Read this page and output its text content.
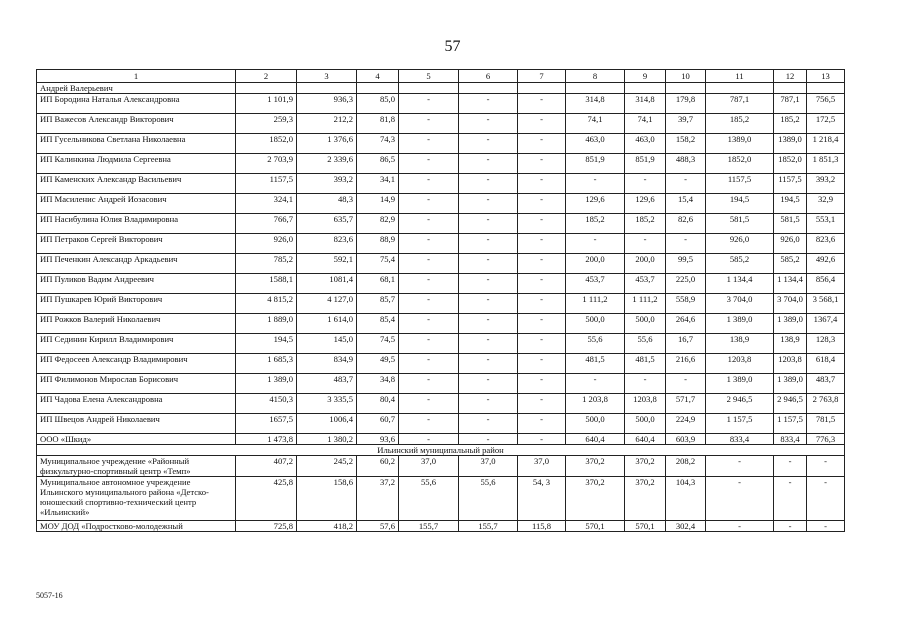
57
1	2	3	4	5	6	7	8	9	10	11	12	13
Андрей Валерьевич												
ИП Бородина Наталья Александровна	1 101,9	936,3	85,0	-	-	-	314,8	314,8	179,8	787,1	787,1	756,5
ИП Важесов Александр Викторович	259,3	212,2	81,8	-	-	-	74,1	74,1	39,7	185,2	185,2	172,5
ИП Гусельникова Светлана Николаевна	1852,0	1 376,6	74,3	-	-	-	463,0	463,0	158,2	1389,0	1389,0	1 218,4
ИП Калинкина Людмила Сергеевна	2 703,9	2 339,6	86,5	-	-	-	851,9	851,9	488,3	1852,0	1852,0	1 851,3
ИП Каменских Александр Васильевич	1157,5	393,2	34,1	-	-	-	-	-	-	1157,5	1157,5	393,2
ИП Масиленис Андрей Иозасович	324,1	48,3	14,9	-	-	-	129,6	129,6	15,4	194,5	194,5	32,9
ИП Насибулина Юлия Владимировна	766,7	635,7	82,9	-	-	-	185,2	185,2	82,6	581,5	581,5	553,1
ИП Петраков Сергей Викторович	926,0	823,6	88,9	-	-	-	-	-	-	926,0	926,0	823,6
ИП Печенкин Александр Аркадьевич	785,2	592,1	75,4	-	-	-	200,0	200,0	99,5	585,2	585,2	492,6
ИП Пуликов Вадим Андреевич	1588,1	1081,4	68,1	-	-	-	453,7	453,7	225,0	1 134,4	1 134,4	856,4
ИП Пушкарев Юрий Викторович	4 815,2	4 127,0	85,7	-	-	-	1 111,2	1 111,2	558,9	3 704,0	3 704,0	3 568,1
ИП Рожков Валерий Николаевич	1 889,0	1 614,0	85,4	-	-	-	500,0	500,0	264,6	1 389,0	1 389,0	1367,4
ИП Сединин Кирилл Владимирович	194,5	145,0	74,5	-	-	-	55,6	55,6	16,7	138,9	138,9	128,3
ИП Федосеев Александр Владимирович	1 685,3	834,9	49,5	-	-	-	481,5	481,5	216,6	1203,8	1203,8	618,4
ИП Филимонов Мирослав Борисович	1 389,0	483,7	34,8	-	-	-	-	-	-	1 389,0	1 389,0	483,7
ИП Чадова Елена Александровна	4150,3	3 335,5	80,4	-	-	-	1 203,8	1203,8	571,7	2 946,5	2 946,5	2 763,8
ИП Швецов Андрей Николаевич	1657,5	1006,4	60,7	-	-	-	500,0	500,0	224,9	1 157,5	1 157,5	781,5
ООО «Шкид»	1 473,8	1 380,2	93,6	-	-	-	640,4	640,4	603,9	833,4	833,4	776,3
Ильинский муниципальный район												
Муниципальное учреждение «Районный физкультурно-спортивный центр «Темп»	407,2	245,2	60,2	37,0	37,0	37,0	370,2	370,2	208,2	-	-	-
Муниципальное автономное учреждение Ильинского муниципального района «Детско-юношеский спортивно-технический центр «Ильинский»	425,8	158,6	37,2	55,6	55,6	54, 3	370,2	370,2	104,3	-	-	-
МОУ ДОД «Подростково-молодежный	725,8	418,2	57,6	155,7	155,7	115,8	570,1	570,1	302,4	-	-	-
5057-16
